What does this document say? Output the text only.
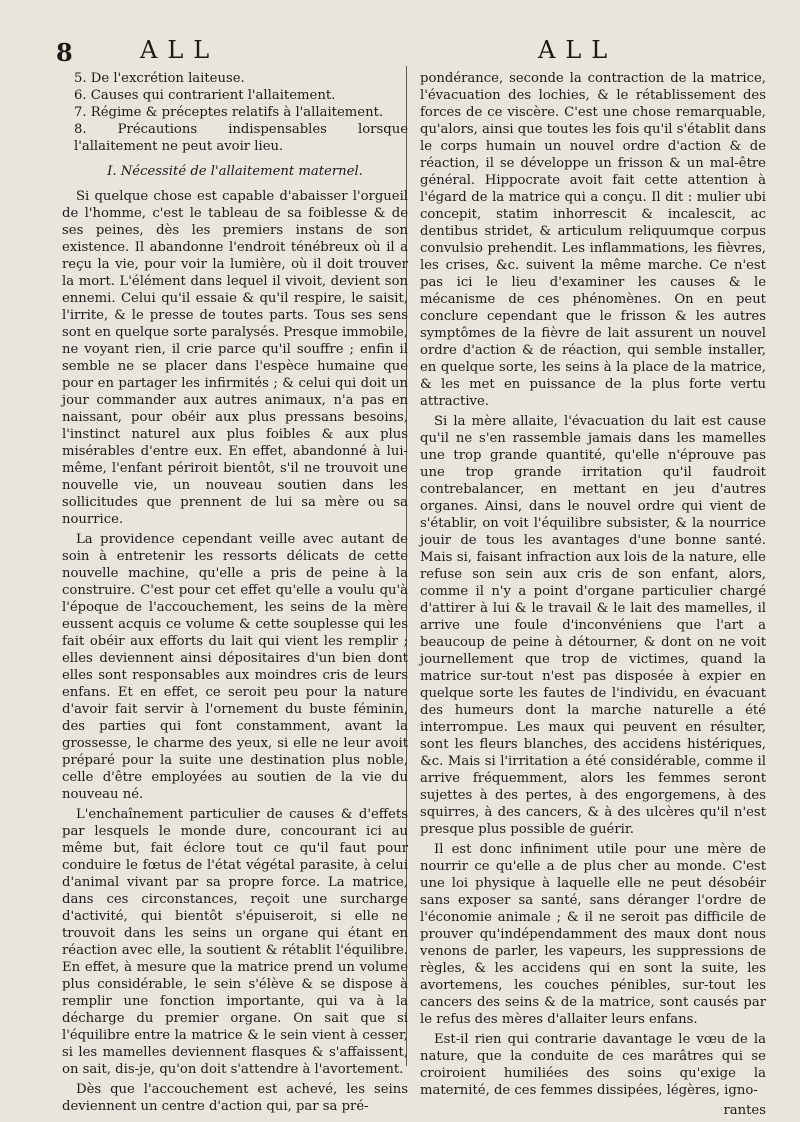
8	ALL	ALL
5. De l'excrétion laiteuse.
6. Causes qui contrarient l'allaitement.
7. Régime & préceptes relatifs à l'allaitement.
8. Précautions indispensables lorsque l'allaitement ne peut avoir lieu.

I. Nécessité de l'allaitement maternel.

Si quelque chose est capable d'abaisser l'orgueil de l'homme, c'est le tableau de sa foiblesse & de ses peines, dès les premiers instans de son existence. Il abandonne l'endroit ténébreux où il a reçu la vie, pour voir la lumière, où il doit trouver la mort. L'élément dans lequel il vivoit, devient son ennemi. Celui qu'il essaie & qu'il respire, le saisit, l'irrite, & le presse de toutes parts. Tous ses sens sont en quelque sorte paralysés. Presque immobile, ne voyant rien, il crie parce qu'il souffre ; enfin il semble ne se placer dans l'espèce humaine que pour en partager les infirmités ; & celui qui doit un jour commander aux autres animaux, n'a pas en naissant, pour obéir aux plus pressans besoins, l'instinct naturel aux plus foibles & aux plus misérables d'entre eux. En effet, abandonné à lui-même, l'enfant périroit bientôt, s'il ne trouvoit une nouvelle vie, un nouveau soutien dans les sollicitudes que prennent de lui sa mère ou sa nourrice.

La providence cependant veille avec autant de soin à entretenir les ressorts délicats de cette nouvelle machine, qu'elle a pris de peine à la construire. C'est pour cet effet qu'elle a voulu qu'à l'époque de l'accouchement, les seins de la mère eussent acquis ce volume & cette souplesse qui les fait obéir aux efforts du lait qui vient les remplir ; elles deviennent ainsi dépositaires d'un bien dont elles sont responsables aux moindres cris de leurs enfans. Et en effet, ce seroit peu pour la nature d'avoir fait servir à l'ornement du buste féminin, des parties qui font constamment, avant la grossesse, le charme des yeux, si elle ne leur avoit préparé pour la suite une destination plus noble, celle d'être employées au soutien de la vie du nouveau né.

L'enchaînement particulier de causes & d'effets par lesquels le monde dure, concourant ici au même but, fait éclore tout ce qu'il faut pour conduire le fœtus de l'état végétal parasite, à celui d'animal vivant par sa propre force. La matrice, dans ces circonstances, reçoit une surcharge d'activité, qui bientôt s'épuiseroit, si elle ne trouvoit dans les seins un organe qui étant en réaction avec elle, la soutient & rétablit l'équilibre. En effet, à mesure que la matrice prend un volume plus considérable, le sein s'élève & se dispose à remplir une fonction importante, qui va à la décharge du premier organe. On sait que si l'équilibre entre la matrice & le sein vient à cesser, si les mamelles deviennent flasques & s'affaissent, on sait, dis-je, qu'on doit s'attendre à l'avortement.

Dès que l'accouchement est achevé, les seins deviennent un centre d'action qui, par sa pré-

pondérance, seconde la contraction de la matrice, l'évacuation des lochies, & le rétablissement des forces de ce viscère. C'est une chose remarquable, qu'alors, ainsi que toutes les fois qu'il s'établit dans le corps humain un nouvel ordre d'action & de réaction, il se développe un frisson & un mal-être général. Hippocrate avoit fait cette attention à l'égard de la matrice qui a conçu. Il dit : mulier ubi concepit, statim inhorrescit & incalescit, ac dentibus stridet, & articulum reliquumque corpus convulsio prehendit. Les inflammations, les fièvres, les crises, &c. suivent la même marche. Ce n'est pas ici le lieu d'examiner les causes & le mécanisme de ces phénomènes. On en peut conclure cependant que le frisson & les autres symptômes de la fièvre de lait assurent un nouvel ordre d'action & de réaction, qui semble installer, en quelque sorte, les seins à la place de la matrice, & les met en puissance de la plus forte vertu attractive.

Si la mère allaite, l'évacuation du lait est cause qu'il ne s'en rassemble jamais dans les mamelles une trop grande quantité, qu'elle n'éprouve pas une trop grande irritation qu'il faudroit contrebalancer, en mettant en jeu d'autres organes. Ainsi, dans le nouvel ordre qui vient de s'établir, on voit l'équilibre subsister, & la nourrice jouir de tous les avantages d'une bonne santé. Mais si, faisant infraction aux lois de la nature, elle refuse son sein aux cris de son enfant, alors, comme il n'y a point d'organe particulier chargé d'attirer à lui & le travail & le lait des mamelles, il arrive une foule d'inconvéniens que l'art a beaucoup de peine à détourner, & dont on ne voit journellement que trop de victimes, quand la matrice sur-tout n'est pas disposée à expier en quelque sorte les fautes de l'individu, en évacuant des humeurs dont la marche naturelle a été interrompue. Les maux qui peuvent en résulter, sont les fleurs blanches, des accidens histériques, &c. Mais si l'irritation a été considérable, comme il arrive fréquemment, alors les femmes seront sujettes à des pertes, à des engorgemens, à des squirres, à des cancers, & à des ulcères qu'il n'est presque plus possible de guérir.

Il est donc infiniment utile pour une mère de nourrir ce qu'elle a de plus cher au monde. C'est une loi physique à laquelle elle ne peut désobéir sans exposer sa santé, sans déranger l'ordre de l'économie animale ; & il ne seroit pas difficile de prouver qu'indépendamment des maux dont nous venons de parler, les vapeurs, les suppressions de règles, & les accidens qui en sont la suite, les avortemens, les couches pénibles, sur-tout les cancers des seins & de la matrice, sont causés par le refus des mères d'allaiter leurs enfans.

Est-il rien qui contrarie davantage le vœu de la nature, que la conduite de ces marâtres qui se croiroient humiliées des soins qu'exige la maternité, de ces femmes dissipées, légères, igno-

rantes
